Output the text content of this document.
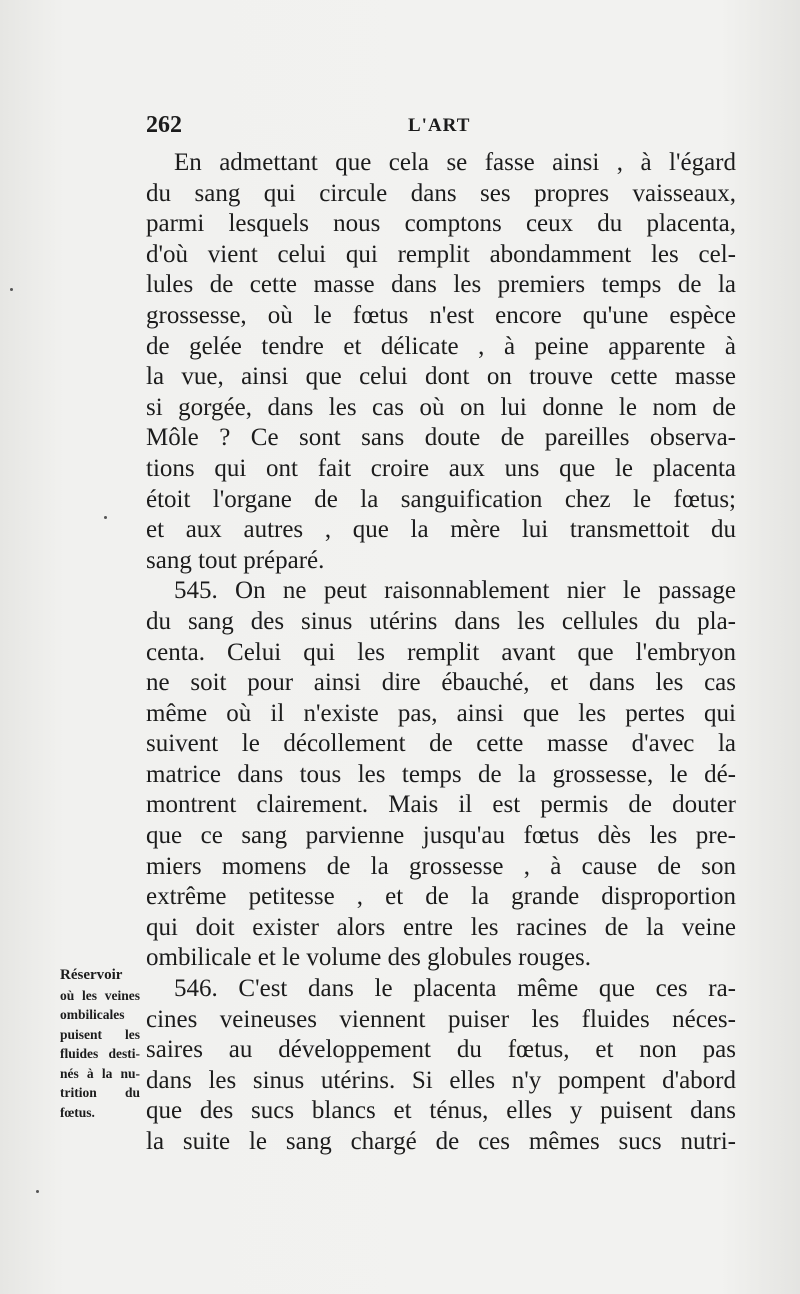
262	L'ART
En admettant que cela se fasse ainsi , à l'égard
du sang qui circule dans ses propres vaisseaux,
parmi lesquels nous comptons ceux du placenta,
d'où vient celui qui remplit abondamment les cel-
lules de cette masse dans les premiers temps de la
grossesse, où le fœtus n'est encore qu'une espèce
de gelée tendre et délicate , à peine apparente à
la vue, ainsi que celui dont on trouve cette masse
si gorgée, dans les cas où on lui donne le nom de
Môle ? Ce sont sans doute de pareilles observa-
tions qui ont fait croire aux uns que le placenta
étoit l'organe de la sanguification chez le fœtus;
et aux autres , que la mère lui transmettoit du
sang tout préparé.
545. On ne peut raisonnablement nier le passage
du sang des sinus utérins dans les cellules du pla-
centa. Celui qui les remplit avant que l'embryon
ne soit pour ainsi dire ébauché, et dans les cas
même où il n'existe pas, ainsi que les pertes qui
suivent le décollement de cette masse d'avec la
matrice dans tous les temps de la grossesse, le dé-
montrent clairement. Mais il est permis de douter
que ce sang parvienne jusqu'au fœtus dès les pre-
miers momens de la grossesse , à cause de son
extrême petitesse , et de la grande disproportion
qui doit exister alors entre les racines de la veine
ombilicale et le volume des globules rouges.
546. C'est dans le placenta même que ces ra-
cines veineuses viennent puiser les fluides néces-
saires au développement du fœtus, et non pas
dans les sinus utérins. Si elles n'y pompent d'abord
que des sucs blancs et ténus, elles y puisent dans
la suite le sang chargé de ces mêmes sucs nutri-
Réservoir
où les veines
ombilicales
puisent les
fluides desti-
nés à la nu-
trition du
fœtus.
